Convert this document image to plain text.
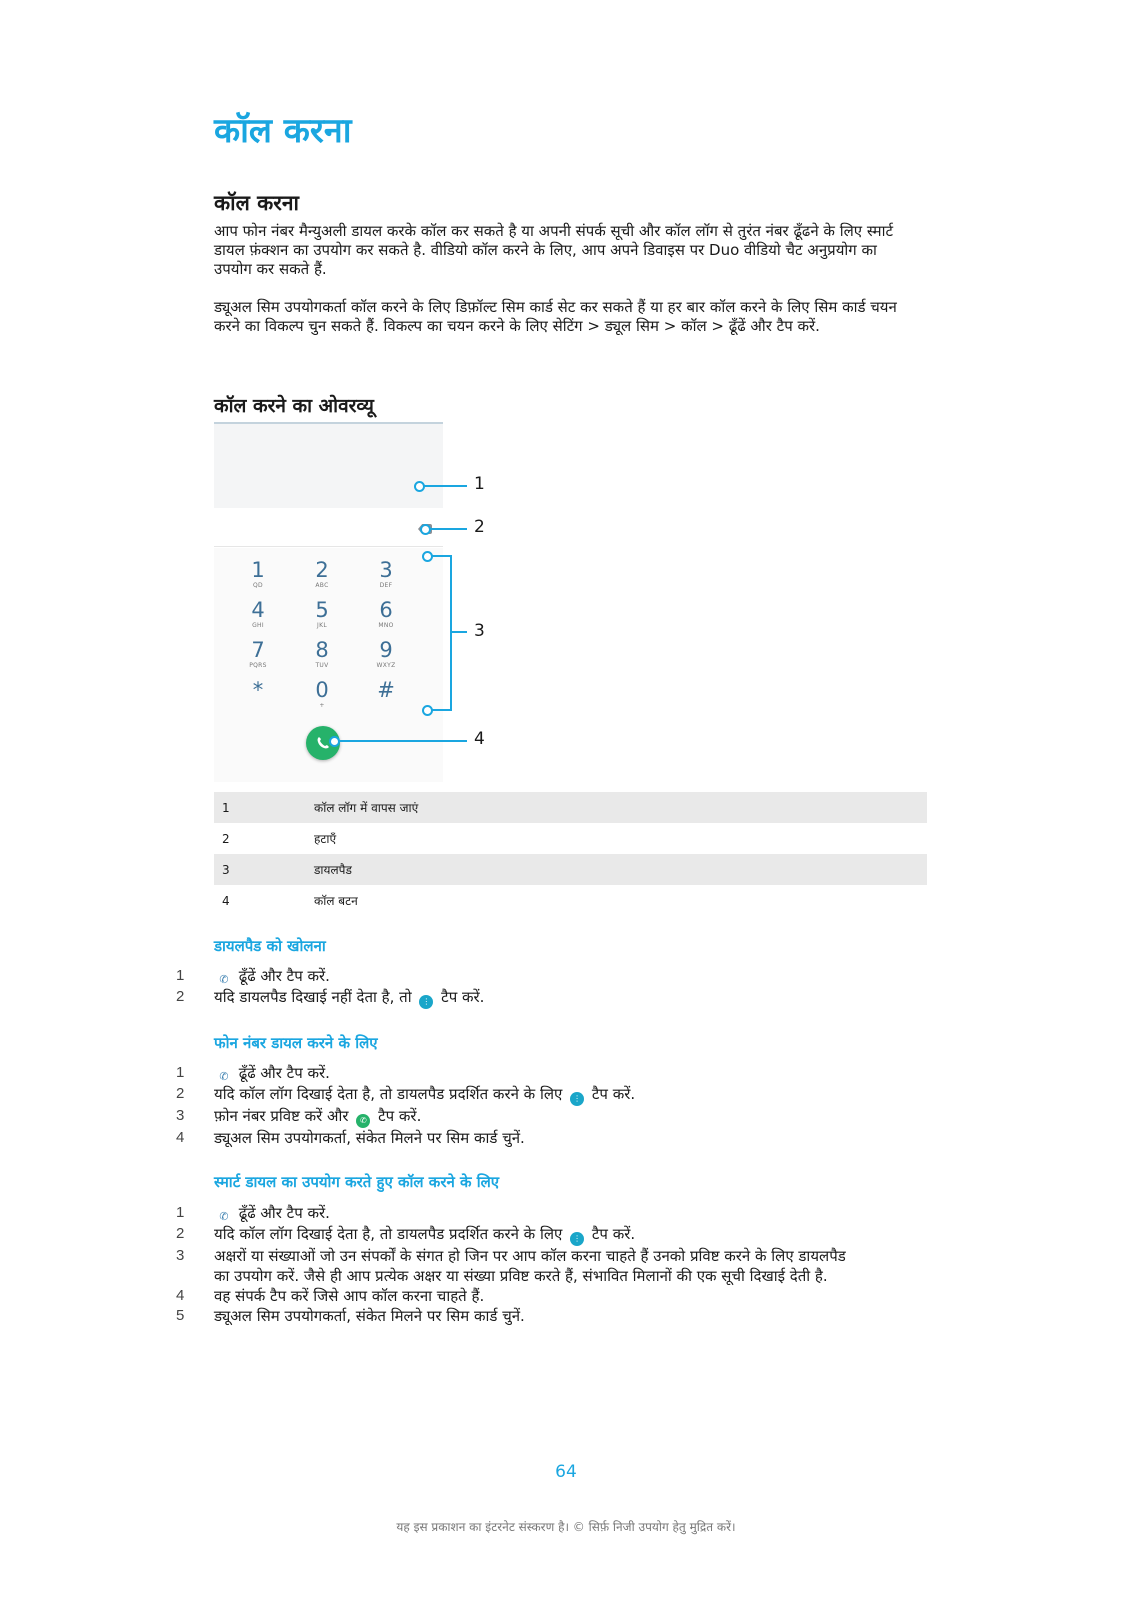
कॉल करना
कॉल करना

आप फोन नंबर मैन्युअली डायल करके कॉल कर सकते है या अपनी संपर्क सूची और कॉल लॉग से तुरंत नंबर ढूँढने के लिए स्मार्ट डायल फ़ंक्शन का उपयोग कर सकते है. वीडियो कॉल करने के लिए, आप अपने डिवाइस पर Duo वीडियो चैट अनुप्रयोग का उपयोग कर सकते हैं.

ड्यूअल सिम उपयोगकर्ता कॉल करने के लिए डिफ़ॉल्ट सिम कार्ड सेट कर सकते हैं या हर बार कॉल करने के लिए सिम कार्ड चयन करने का विकल्प चुन सकते हैं. विकल्प का चयन करने के लिए सेटिंग > ड्यूल सिम > कॉल > ढूँढें और टैप करें.

कॉल करने का ओवरव्यू
1
QD
2
ABC
3
DEF
4
GHI
5
JKL
6
MNO
7
PQRS
8
TUV
9
WXYZ
*	0
+
#
1
2
3
4
1	कॉल लॉग में वापस जाएं
2	हटाएँ
3	डायलपैड
4	कॉल बटन
डायलपैड को खोलना
1	✆ ढूँढें और टैप करें.
2	यदि डायलपैड दिखाई नहीं देता है, तो ⋮ टैप करें.
फोन नंबर डायल करने के लिए
1	✆ ढूँढें और टैप करें.
2	यदि कॉल लॉग दिखाई देता है, तो डायलपैड प्रदर्शित करने के लिए ⋮ टैप करें.
3	फ़ोन नंबर प्रविष्ट करें और ✆ टैप करें.
4	ड्यूअल सिम उपयोगकर्ता, संकेत मिलने पर सिम कार्ड चुनें.
स्मार्ट डायल का उपयोग करते हुए कॉल करने के लिए
1	✆ ढूँढें और टैप करें.
2	यदि कॉल लॉग दिखाई देता है, तो डायलपैड प्रदर्शित करने के लिए ⋮ टैप करें.
3	अक्षरों या संख्याओं जो उन संपर्कों के संगत हो जिन पर आप कॉल करना चाहते हैं उनको प्रविष्ट करने के लिए डायलपैड का उपयोग करें. जैसे ही आप प्रत्येक अक्षर या संख्या प्रविष्ट करते हैं, संभावित मिलानों की एक सूची दिखाई देती है.
4	वह संपर्क टैप करें जिसे आप कॉल करना चाहते हैं.
5	ड्यूअल सिम उपयोगकर्ता, संकेत मिलने पर सिम कार्ड चुनें.
64
यह इस प्रकाशन का इंटरनेट संस्करण है। © सिर्फ़ निजी उपयोग हेतु मुद्रित करें।
